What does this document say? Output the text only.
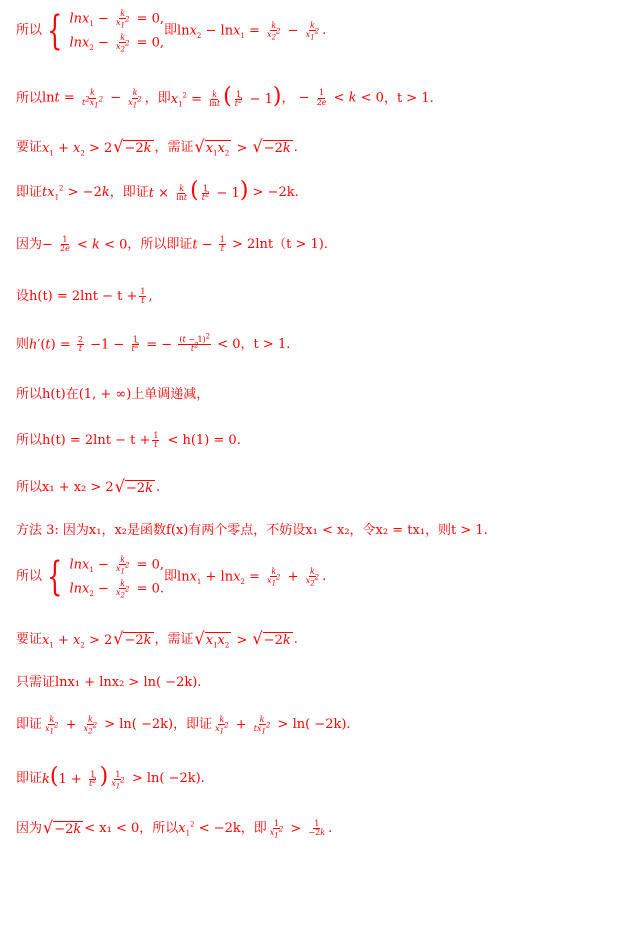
所以 { $\ln x_1 - \frac{k}{x_1^2} = 0$,
$\ln x_2 - \frac{k}{x_2^2} = 0$,
即 $\ln x_2 - \ln x_1 = \frac{k}{x_2^2} - \frac{k}{x_1^2}$ .
所以 $\ln t = \frac{k}{t^2x_1^2} - \frac{k}{x_1^2}$ ，即 $x_1^2 = \frac{k}{\ln t}$ ( $\frac{1}{t^2} - 1$) ， − $\frac{1}{2e} < k < 0$ ，t > 1.
要证 $x_1 + x_2 > 2$ √ −2k ，需证 √ $x_1x_2$ > √ −2k .
即证 $tx_1^2 > -2k$ ，即证 $t \times \frac{k}{\ln t}$ ( $\frac{1}{t^2} - 1) > -2k$.
因为 − $\frac{1}{2e} < k < 0$ ，所以即证 $t - \frac{1}{t}$
> 2lnt（t > 1).
设 $h(t) = 2\ln t - t + \frac{1}{t}$ ,
则 $h'(t) = \frac{2}{t} -1 - \frac{1}{t^2}$ = − $\frac{(t - 1)^2}{t^2}$
< 0，t > 1.
所以h(t)在(1, + ∞)上单调递减，
所以 $h(t) = 2\ln t - t + \frac{1}{t} < h(1) = 0$.
所以 x₁ + x₂ > 2 √ −2k .
方法 3: 因为x₁，x₂是函数f(x)有两个零点，不妨设x₁ < x₂，令x₂ = tx₁，则t > 1.
所以 { $\ln x_1 - \frac{k}{x_1^2} = 0$,
$\ln x_2 - \frac{k}{x_2^2} = 0$.
即 $\ln x_1 + \ln x_2 = \frac{k}{x_1^2} + \frac{k}{x_2^2}$ .
要证 $x_1 + x_2 > 2$ √ −2k ，需证 √ $x_1x_2$ > √ −2k .
只需证lnx₁ + lnx₂ > ln( −2k).
即证 $\frac{k}{x_1^2} + \frac{k}{x_2^2}$
> ln( −2k)，即证 $\frac{k}{x_1^2} + \frac{k}{tx_1^2}$
> ln( −2k).
即证 $k(1 + \frac{1}{t^2}$ ) $\frac{1}{x_1^2}$
> ln( −2k).
因为 √ −2k < x₁ < 0，所以 $x_1^2 < -2k$，即 $\frac{1}{x_1^2} > \frac{1}{-2k}$ .
